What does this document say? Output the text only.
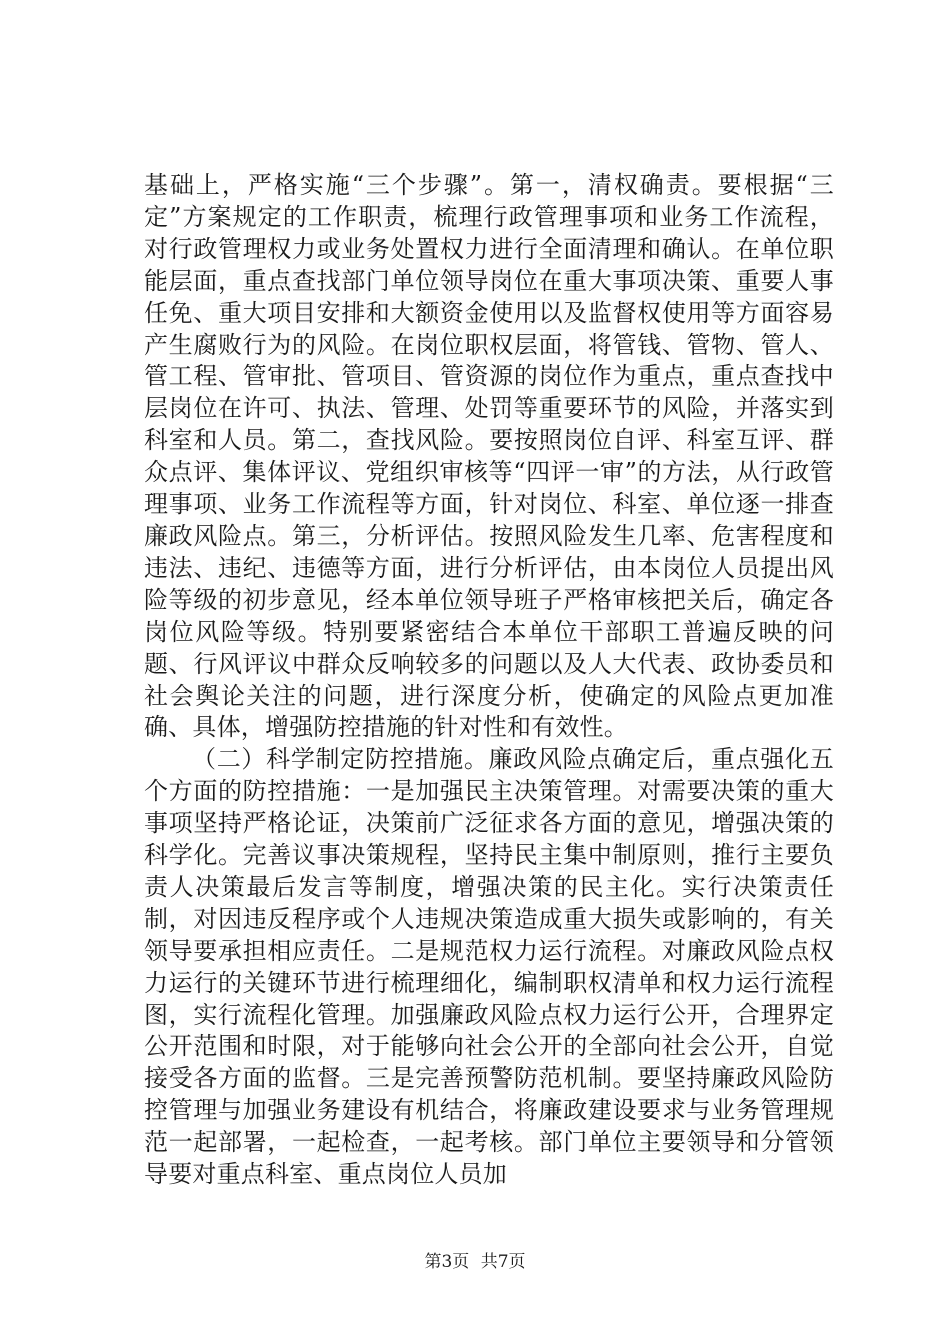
基础上，严格实施“三个步骤”。第一，清权确责。要根据“三定”方案规定的工作职责，梳理行政管理事项和业务工作流程，对行政管理权力或业务处置权力进行全面清理和确认。在单位职能层面，重点查找部门单位领导岗位在重大事项决策、重要人事任免、重大项目安排和大额资金使用以及监督权使用等方面容易产生腐败行为的风险。在岗位职权层面，将管钱、管物、管人、管工程、管审批、管项目、管资源的岗位作为重点，重点查找中层岗位在许可、执法、管理、处罚等重要环节的风险，并落实到科室和人员。第二，查找风险。要按照岗位自评、科室互评、群众点评、集体评议、党组织审核等“四评一审”的方法，从行政管理事项、业务工作流程等方面，针对岗位、科室、单位逐一排查廉政风险点。第三，分析评估。按照风险发生几率、危害程度和违法、违纪、违德等方面，进行分析评估，由本岗位人员提出风险等级的初步意见，经本单位领导班子严格审核把关后，确定各岗位风险等级。特别要紧密结合本单位干部职工普遍反映的问题、行风评议中群众反响较多的问题以及人大代表、政协委员和社会舆论关注的问题，进行深度分析，使确定的风险点更加准确、具体，增强防控措施的针对性和有效性。

（二）科学制定防控措施。廉政风险点确定后，重点强化五个方面的防控措施：一是加强民主决策管理。对需要决策的重大事项坚持严格论证，决策前广泛征求各方面的意见，增强决策的科学化。完善议事决策规程，坚持民主集中制原则，推行主要负责人决策最后发言等制度，增强决策的民主化。实行决策责任制，对因违反程序或个人违规决策造成重大损失或影响的，有关领导要承担相应责任。二是规范权力运行流程。对廉政风险点权力运行的关键环节进行梳理细化，编制职权清单和权力运行流程图，实行流程化管理。加强廉政风险点权力运行公开，合理界定公开范围和时限，对于能够向社会公开的全部向社会公开，自觉接受各方面的监督。三是完善预警防范机制。要坚持廉政风险防控管理与加强业务建设有机结合，将廉政建设要求与业务管理规范一起部署，一起检查，一起考核。部门单位主要领导和分管领导要对重点科室、重点岗位人员加

第3页 共7页
